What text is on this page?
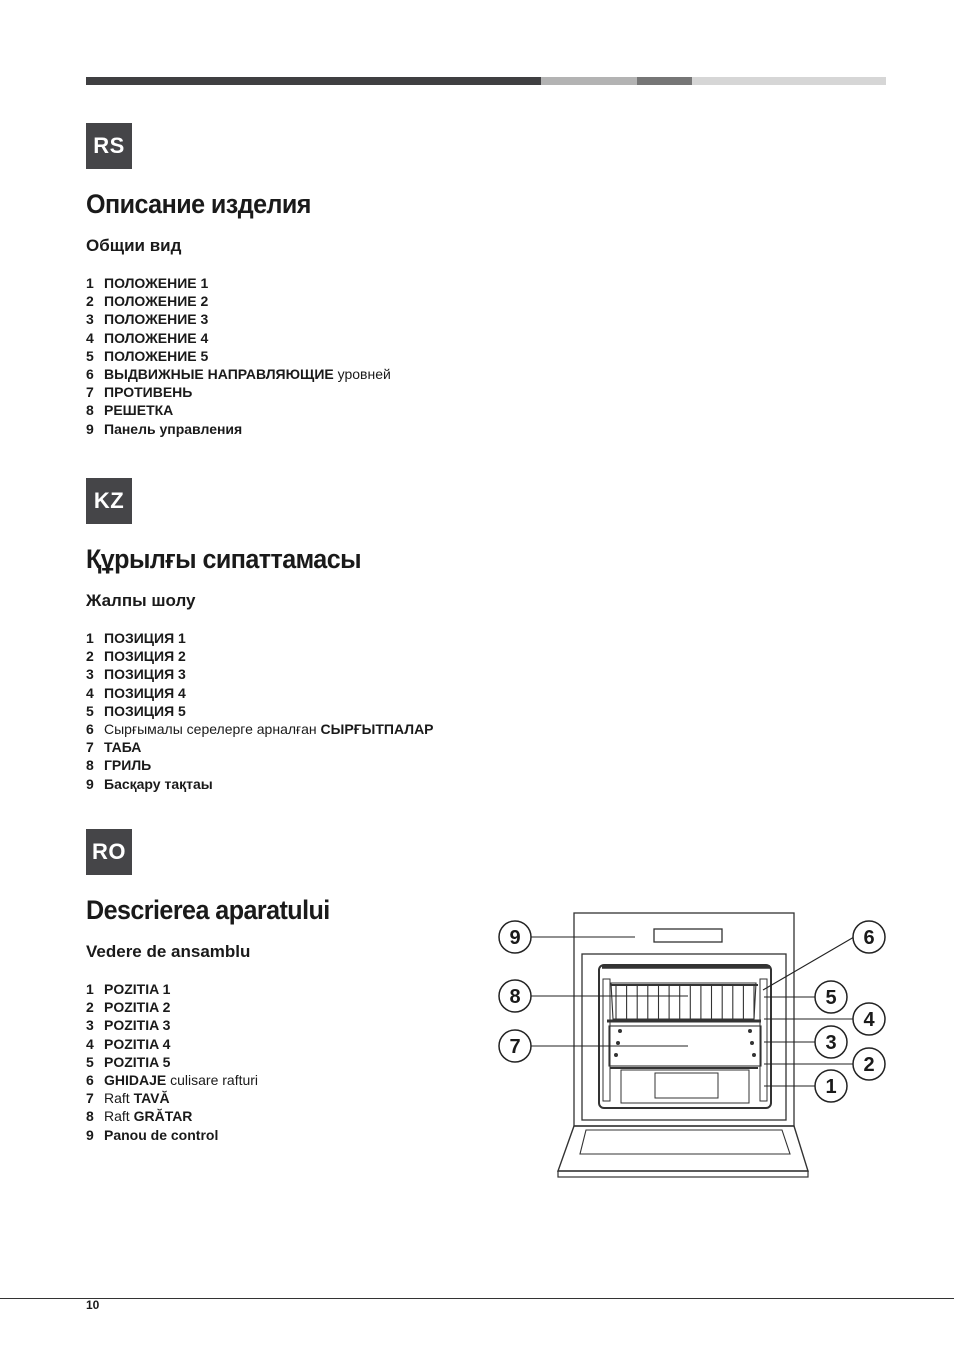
RS
Описание изделия
Общии вид
1 ПОЛОЖЕНИЕ 1
2 ПОЛОЖЕНИЕ 2
3 ПОЛОЖЕНИЕ 3
4 ПОЛОЖЕНИЕ 4
5 ПОЛОЖЕНИЕ 5
6 ВЫДВИЖНЫЕ НАПРАВЛЯЮЩИЕ уровней
7 ПРОТИВЕНЬ
8 РЕШЕТКА
9 Панель управления
KZ
Құрылғы сипаттамасы
Жалпы шолу
1 ПОЗИЦИЯ 1
2 ПОЗИЦИЯ 2
3 ПОЗИЦИЯ 3
4 ПОЗИЦИЯ 4
5 ПОЗИЦИЯ 5
6 Сырғымалы серелерге арналған СЫРҒЫТПАЛАР
7 ТАБА
8 ГРИЛЬ
9 Басқару тақтаы
RO
Descrierea aparatului
Vedere de ansamblu
1 POZITIA 1
2 POZITIA 2
3 POZITIA 3
4 POZITIA 4
5 POZITIA 5
6 GHIDAJE culisare rafturi
7 Raft TAVĂ
8 Raft GRĂTAR
9 Panou de control
9
8
7
6
5
4
3
2
1
10
